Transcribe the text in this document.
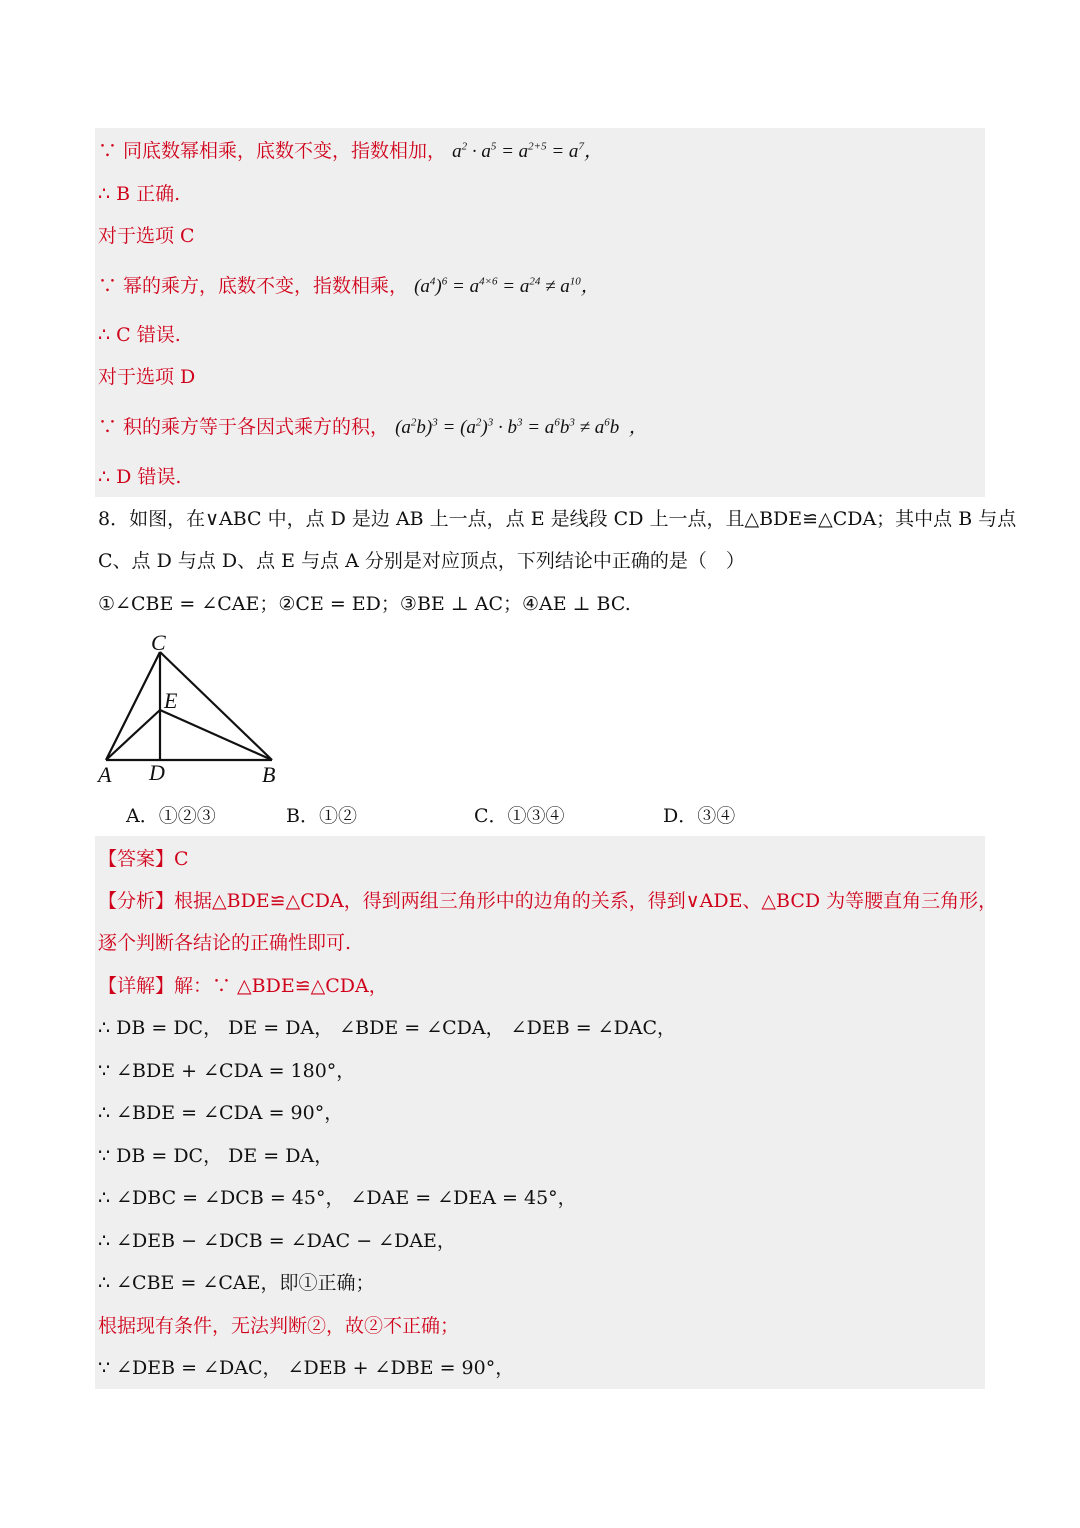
∵ 同底数幂相乘，底数不变，指数相加， $a^2 \cdot a^5 = a^{2+5} = a^7$，
∴ B 正确.
对于选项 C
∵ 幂的乘方，底数不变，指数相乘， $(a^4)^6 = a^{4\times 6} = a^{24} \ne a^{10}$，
∴ C 错误.
对于选项 D
∵ 积的乘方等于各因式乘方的积， $(a^2b)^3 = (a^2)^3 \cdot b^3 = a^6b^3 \ne a^6b$  ，
∴ D 错误.
8．如图，在∨ABC 中，点 D 是边 AB 上一点，点 E 是线段 CD 上一点，且△BDE≌△CDA；其中点 B 与点
C、点 D 与点 D、点 E 与点 A 分别是对应顶点，下列结论中正确的是（　）
①∠CBE = ∠CAE；②CE = ED；③BE ⊥ AC；④AE ⊥ BC.
C
E
A D	B
A．①②③	B．①②	C．①③④	D．③④
【答案】C
【分析】根据△BDE≌△CDA，得到两组三角形中的边角的关系，得到∨ADE、△BCD 为等腰直角三角形，
逐个判断各结论的正确性即可.
【详解】解：∵ △BDE≌△CDA，
∴ DB = DC， DE = DA， ∠BDE = ∠CDA， ∠DEB = ∠DAC，
∵ ∠BDE + ∠CDA = 180°，
∴ ∠BDE = ∠CDA = 90°，
∵ DB = DC， DE = DA，
∴ ∠DBC = ∠DCB = 45°， ∠DAE = ∠DEA = 45°，
∴ ∠DEB − ∠DCB = ∠DAC − ∠DAE，
∴ ∠CBE = ∠CAE，即①正确；
根据现有条件，无法判断②，故②不正确；
∵ ∠DEB = ∠DAC， ∠DEB + ∠DBE = 90°，
